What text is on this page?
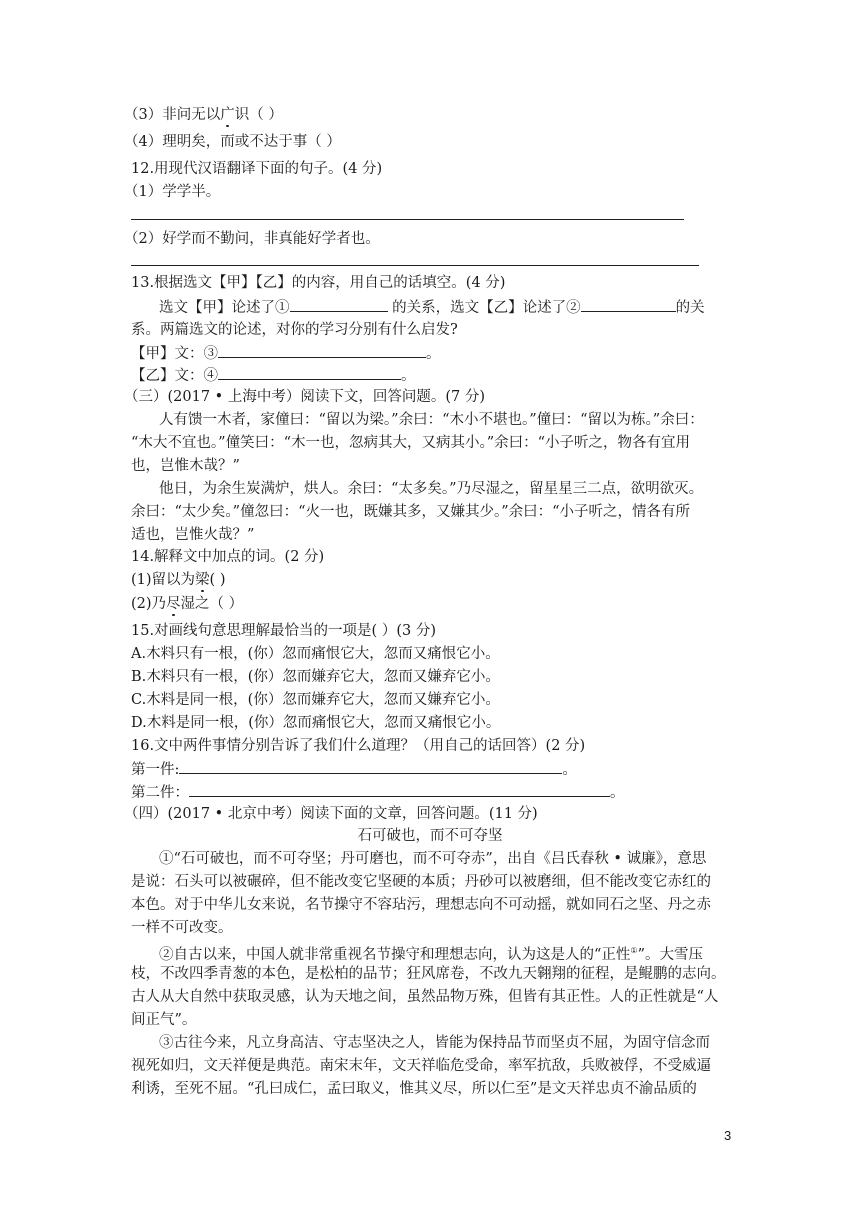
（3）非问无以广识（ ）
（4）理明矣，而或不达于事（ ）
12.用现代汉语翻译下面的句子。(4 分)
（1）学学半。
（2）好学而不勤问，非真能好学者也。
13.根据选文【甲】【乙】的内容，用自己的话填空。(4 分)
选文【甲】论述了①	的关系，选文【乙】论述了②	的关
系。两篇选文的论述，对你的学习分别有什么启发?
【甲】文：③	。
【乙】文：④	。
（三）(2017 • 上海中考）阅读下文，回答问题。(7 分)
人有馈一木者，家僮曰：“留以为梁。”余曰：“木小不堪也。”僮曰：“留以为栋。”余曰：
“木大不宜也。”僮笑曰：“木一也，忽病其大，又病其小。”余曰：“小子听之，物各有宜用
也，岂惟木哉？”
他日，为余生炭满炉，烘人。余曰：“太多矣。”乃尽湿之，留星星三二点，欲明欲灭。
余曰：“太少矣。”僮忽曰：“火一也，既嫌其多，又嫌其少。”余曰：“小子听之，情各有所
适也，岂惟火哉？”
14.解释文中加点的词。(2 分)
(1)留以为梁( )
(2)乃尽湿之（ ）
15.对画线句意思理解最恰当的一项是( ）(3 分)
A.木料只有一根，(你）忽而痛恨它大，忽而又痛恨它小。
B.木料只有一根，(你）忽而嫌弃它大，忽而又嫌弃它小。
C.木料是同一根，(你）忽而嫌弃它大，忽而又嫌弃它小。
D.木料是同一根，(你）忽而痛恨它大，忽而又痛恨它小。
16.文中两件事情分别告诉了我们什么道理？（用自己的话回答）(2 分)
第一件:	。
第二件：	。
（四）(2017 • 北京中考）阅读下面的文章，回答问题。(11 分)
石可破也，而不可夺坚
①“石可破也，而不可夺坚；丹可磨也，而不可夺赤”，出自《吕氏春秋 • 诚廉》，意思
是说：石头可以被碾碎，但不能改变它坚硬的本质；丹砂可以被磨细，但不能改变它赤红的
本色。对于中华儿女来说，名节操守不容玷污，理想志向不可动摇，就如同石之坚、丹之赤
一样不可改变。
②自古以来，中国人就非常重视名节操守和理想志向，认为这是人的“正性①”。大雪压
枝，不改四季青葱的本色，是松柏的品节；狂风席卷，不改九天翱翔的征程，是鲲鹏的志向。
古人从大自然中获取灵感，认为天地之间，虽然品物万殊，但皆有其正性。人的正性就是“人
间正气”。
③古往今来，凡立身高洁、守志坚决之人，皆能为保持品节而坚贞不屈，为固守信念而
视死如归，文天祥便是典范。南宋末年，文天祥临危受命，率军抗敌，兵败被俘，不受威逼
利诱，至死不屈。“孔曰成仁，孟曰取义，惟其义尽，所以仁至”是文天祥忠贞不渝品质的
3
